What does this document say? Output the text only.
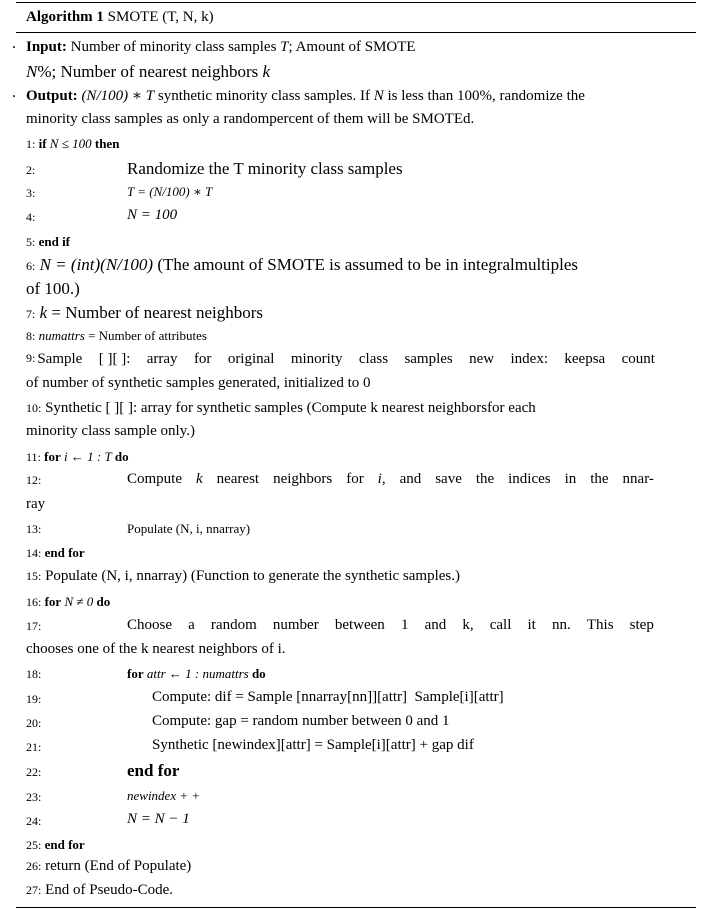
Algorithm 1 SMOTE (T, N, k)
· Input: Number of minority class samples T; Amount of SMOTE
N%; Number of nearest neighbors k
· Output: (N/100) ∗ T synthetic minority class samples. If N is less than 100%, randomize the
minority class samples as only a randompercent of them will be SMOTEd.
1: if N ≤ 100 then
2:	Randomize the T minority class samples
3:	T = (N/100) ∗ T
4:	N = 100
5: end if
6: N = (int)(N/100) (The amount of SMOTE is assumed to be in integralmultiples
of 100.)
7: k = Number of nearest neighbors
8: numattrs = Number of attributes
9: Sample [ ][ ]: array for original minority class samples new index: keepsa count
of number of synthetic samples generated, initialized to 0
10: Synthetic [ ][ ]: array for synthetic samples (Compute k nearest neighborsfor each
minority class sample only.)
11: for i ← 1 : T do
12:	Compute k nearest neighbors for i, and save the indices in the nnar-
ray
13:	Populate (N, i, nnarray)
14: end for
15: Populate (N, i, nnarray) (Function to generate the synthetic samples.)
16: for N ≠ 0 do
17:	Choose a random number between 1 and k, call it nn. This step
chooses one of the k nearest neighbors of i.
18:	for attr ← 1 : numattrs do
19:	Compute: dif = Sample [nnarray[nn]][attr]  Sample[i][attr]
20:	Compute: gap = random number between 0 and 1
21:	Synthetic [newindex][attr] = Sample[i][attr] + gap dif
22:	end for
23:	newindex + +
24:	N = N − 1
25: end for
26: return (End of Populate)
27: End of Pseudo-Code.
